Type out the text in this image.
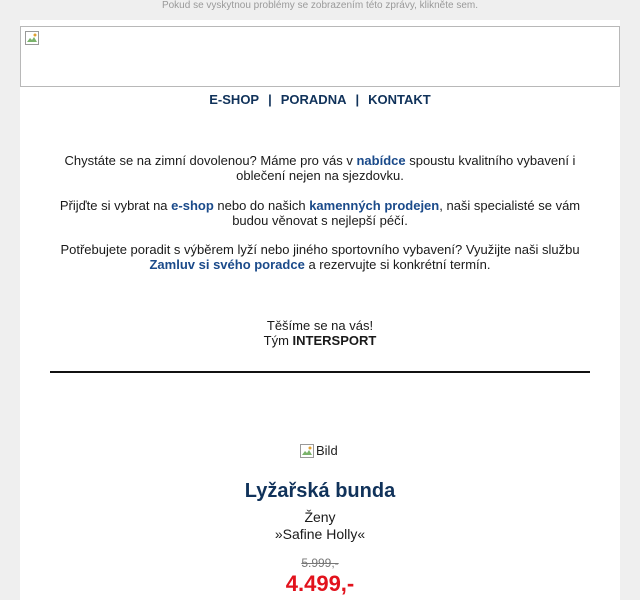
Pokud se vyskytnou problémy se zobrazením této zprávy, klikněte sem.
E-SHOP | PORADNA | KONTAKT
Chystáte se na zimní dovolenou? Máme pro vás v nabídce spoustu kvalitního vybavení i oblečení nejen na sjezdovku.
Přijďte si vybrat na e-shop nebo do našich kamenných prodejen, naši specialisté se vám budou věnovat s nejlepší péčí.
Potřebujete poradit s výběrem lyží nebo jiného sportovního vybavení? Využijte naši službu Zamluv si svého poradce a rezervujte si konkrétní termín.
Těšíme se na vás!
Tým INTERSPORT
Bild
Lyžařská bunda
Ženy
»Safine Holly«
5.999,-
4.499,-
